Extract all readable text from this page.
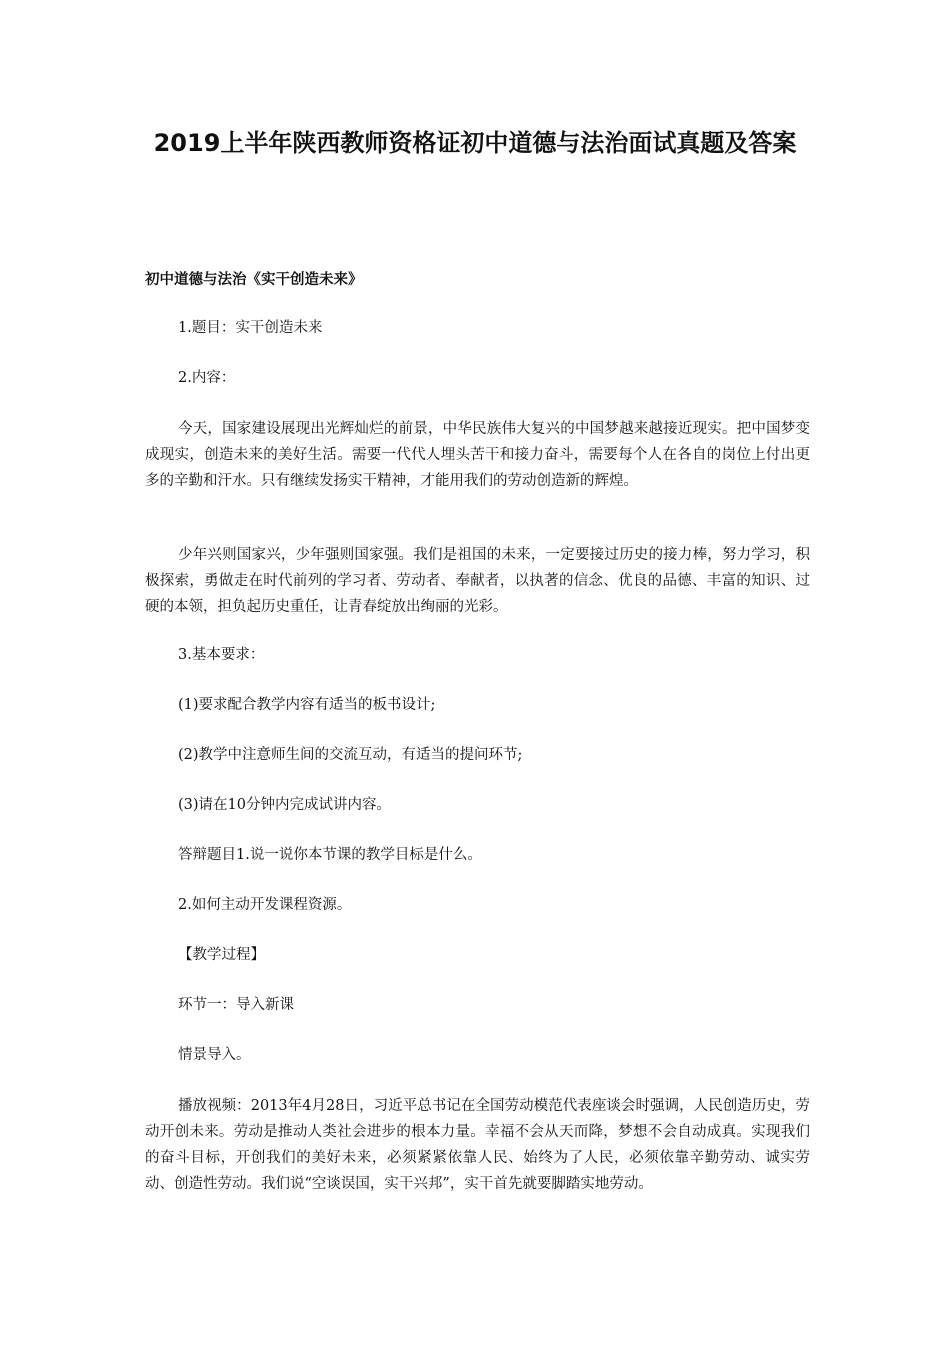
2019上半年陕西教师资格证初中道德与法治面试真题及答案

初中道德与法治《实干创造未来》

1.题目：实干创造未来

2.内容：

今天，国家建设展现出光辉灿烂的前景，中华民族伟大复兴的中国梦越来越接近现实。把中国梦变成现实，创造未来的美好生活。需要一代代人埋头苦干和接力奋斗，需要每个人在各自的岗位上付出更多的辛勤和汗水。只有继续发扬实干精神，才能用我们的劳动创造新的辉煌。

少年兴则国家兴，少年强则国家强。我们是祖国的未来，一定要接过历史的接力棒，努力学习，积极探索，勇做走在时代前列的学习者、劳动者、奉献者，以执著的信念、优良的品德、丰富的知识、过硬的本领，担负起历史重任，让青春绽放出绚丽的光彩。

3.基本要求：

(1)要求配合教学内容有适当的板书设计;

(2)教学中注意师生间的交流互动，有适当的提问环节;

(3)请在10分钟内完成试讲内容。

答辩题目1.说一说你本节课的教学目标是什么。

2.如何主动开发课程资源。

【教学过程】

环节一：导入新课

情景导入。

播放视频：2013年4月28日，习近平总书记在全国劳动模范代表座谈会时强调，人民创造历史，劳动开创未来。劳动是推动人类社会进步的根本力量。幸福不会从天而降，梦想不会自动成真。实现我们的奋斗目标，开创我们的美好未来，必须紧紧依靠人民、始终为了人民，必须依靠辛勤劳动、诚实劳动、创造性劳动。我们说“空谈误国，实干兴邦”，实干首先就要脚踏实地劳动。
